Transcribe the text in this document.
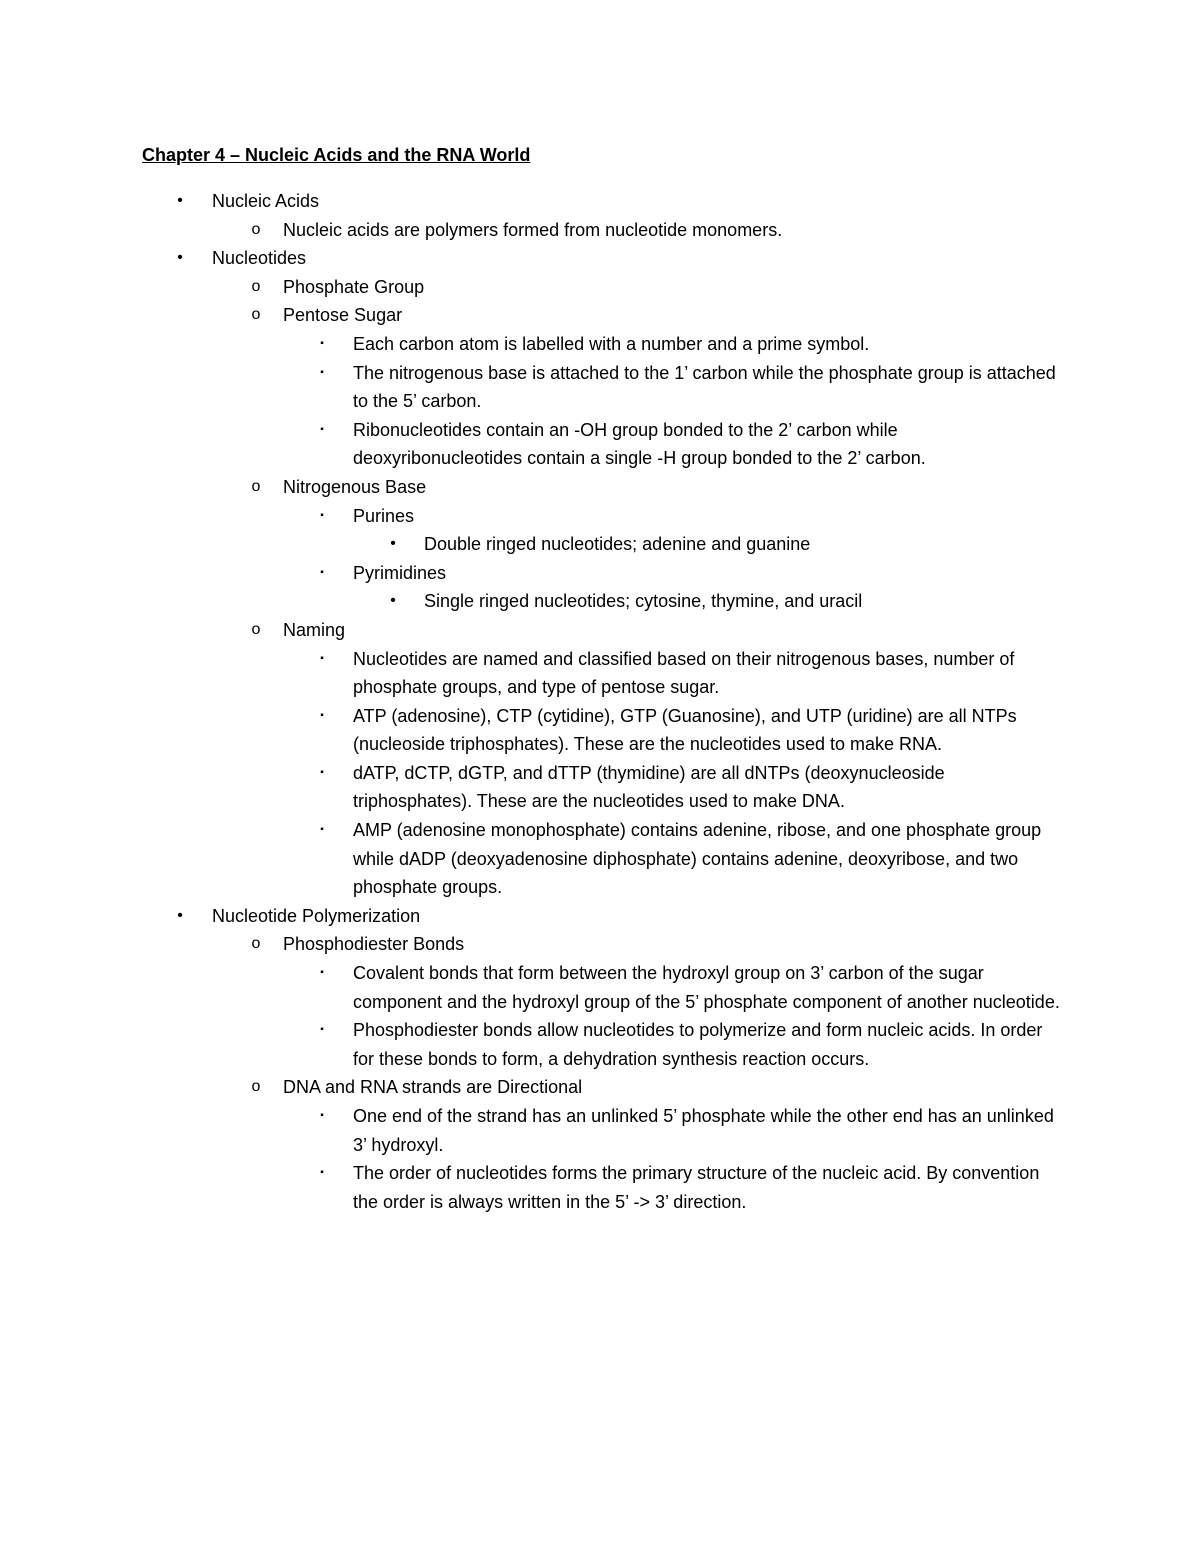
Chapter 4 – Nucleic Acids and the RNA World
•	Nucleic Acids
o	Nucleic acids are polymers formed from nucleotide monomers.
•	Nucleotides
o	Phosphate Group
o	Pentose Sugar
▪	Each carbon atom is labelled with a number and a prime symbol.
▪	The nitrogenous base is attached to the 1’ carbon while the phosphate group is attached to the 5’ carbon.
▪	Ribonucleotides contain an -OH group bonded to the 2’ carbon while deoxyribonucleotides contain a single -H group bonded to the 2’ carbon.
o	Nitrogenous Base
▪	Purines
•	Double ringed nucleotides; adenine and guanine
▪	Pyrimidines
•	Single ringed nucleotides; cytosine, thymine, and uracil
o	Naming
▪	Nucleotides are named and classified based on their nitrogenous bases, number of phosphate groups, and type of pentose sugar.
▪	ATP (adenosine), CTP (cytidine), GTP (Guanosine), and UTP (uridine) are all NTPs (nucleoside triphosphates). These are the nucleotides used to make RNA.
▪	dATP, dCTP, dGTP, and dTTP (thymidine) are all dNTPs (deoxynucleoside triphosphates). These are the nucleotides used to make DNA.
▪	AMP (adenosine monophosphate) contains adenine, ribose, and one phosphate group while dADP (deoxyadenosine diphosphate) contains adenine, deoxyribose, and two phosphate groups.
•	Nucleotide Polymerization
o	Phosphodiester Bonds
▪	Covalent bonds that form between the hydroxyl group on 3’ carbon of the sugar component and the hydroxyl group of the 5’ phosphate component of another nucleotide.
▪	Phosphodiester bonds allow nucleotides to polymerize and form nucleic acids. In order for these bonds to form, a dehydration synthesis reaction occurs.
o	DNA and RNA strands are Directional
▪	One end of the strand has an unlinked 5’ phosphate while the other end has an unlinked 3’ hydroxyl.
▪	The order of nucleotides forms the primary structure of the nucleic acid. By convention the order is always written in the 5’ -> 3’ direction.
